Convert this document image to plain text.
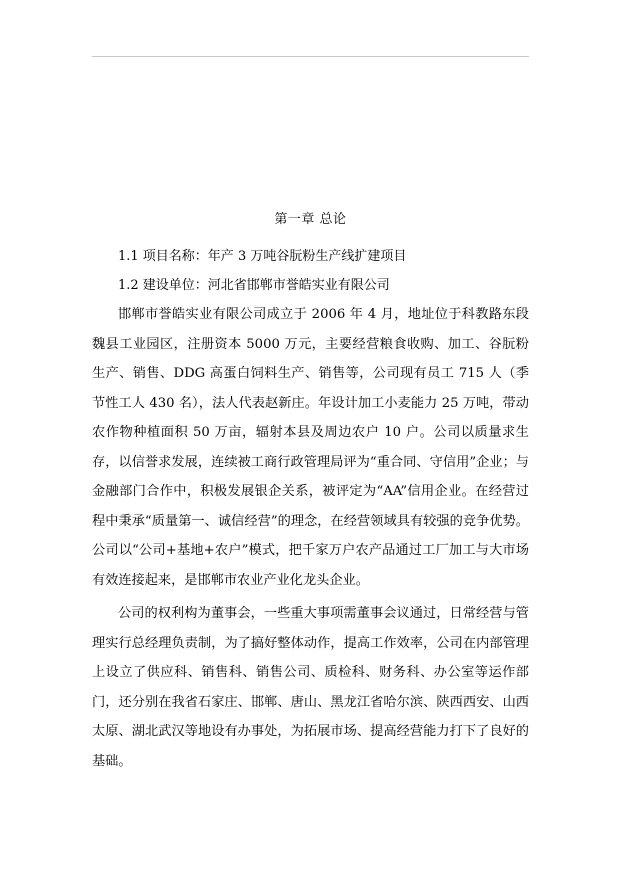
第一章 总论

1.1 项目名称：年产 3 万吨谷朊粉生产线扩建项目

1.2 建设单位：河北省邯郸市誉皓实业有限公司

邯郸市誉皓实业有限公司成立于 2006 年 4 月，地址位于科教路东段魏县工业园区，注册资本 5000 万元，主要经营粮食收购、加工、谷朊粉生产、销售、DDG 高蛋白饲料生产、销售等，公司现有员工 715 人（季节性工人 430 名），法人代表赵新庄。年设计加工小麦能力 25 万吨，带动农作物种植面积 50 万亩，辐射本县及周边农户 10 户。公司以质量求生存，以信誉求发展，连续被工商行政管理局评为“重合同、守信用”企业；与金融部门合作中，积极发展银企关系，被评定为“AA”信用企业。在经营过程中秉承“质量第一、诚信经营”的理念，在经营领域具有较强的竞争优势。公司以“公司+基地+农户”模式，把千家万户农产品通过工厂加工与大市场有效连接起来，是邯郸市农业产业化龙头企业。

公司的权利构为董事会，一些重大事项需董事会议通过，日常经营与管理实行总经理负责制，为了搞好整体动作，提高工作效率，公司在内部管理上设立了供应科、销售科、销售公司、质检科、财务科、办公室等运作部门，还分别在我省石家庄、邯郸、唐山、黑龙江省哈尔滨、陕西西安、山西太原、湖北武汉等地设有办事处，为拓展市场、提高经营能力打下了良好的基础。
